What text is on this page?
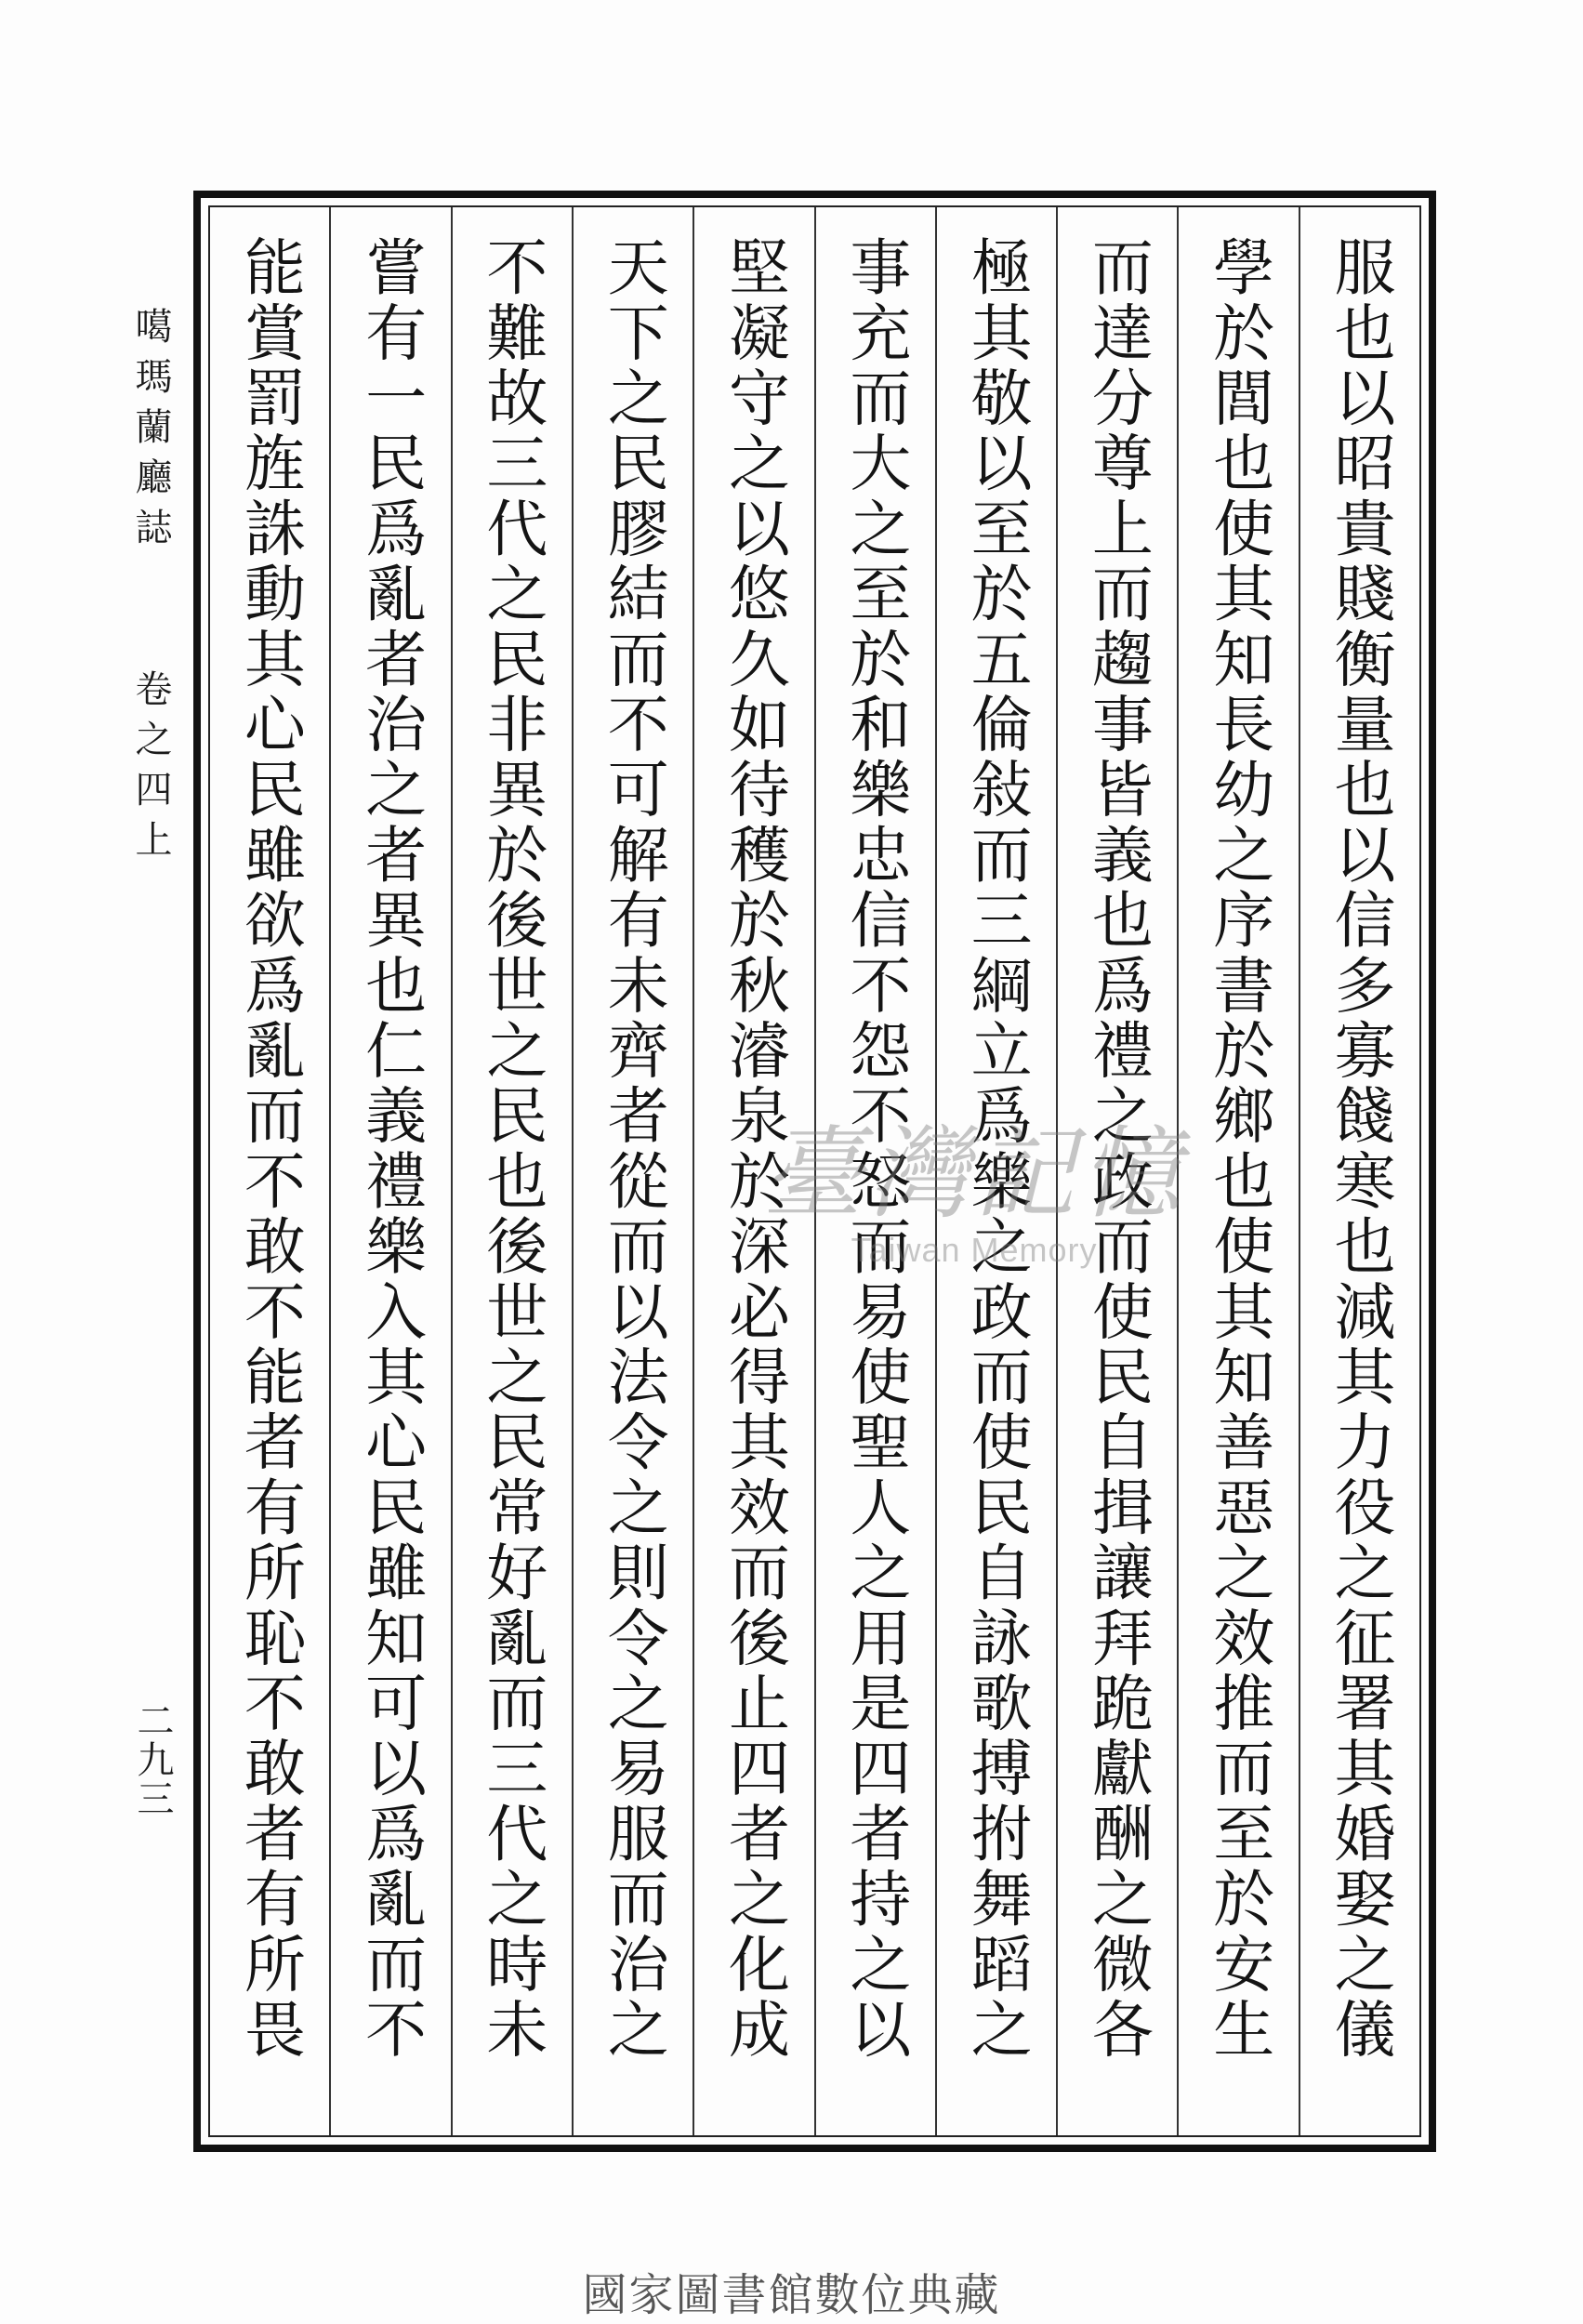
服也以昭貴賤衡量也以信多寡餞寒也減其力役之征署其婚娶之儀
學於閭也使其知長幼之序書於鄉也使其知善惡之效推而至於安生
而達分尊上而趨事皆義也爲禮之政而使民自揖讓拜跪獻酬之微各
極其敬以至於五倫敍而三綱立爲樂之政而使民自詠歌搏拊舞蹈之
事充而大之至於和樂忠信不怨不怒而易使聖人之用是四者持之以
堅凝守之以悠久如待穫於秋濬泉於深必得其效而後止四者之化成
天下之民膠結而不可解有未齊者從而以法令之則令之易服而治之
不難故三代之民非異於後世之民也後世之民常好亂而三代之時未
嘗有一民爲亂者治之者異也仁義禮樂入其心民雖知可以爲亂而不
能賞罰旌誅動其心民雖欲爲亂而不敢不能者有所恥不敢者有所畏
噶瑪蘭廳誌
卷之四上
二九三
臺灣記憶
Taiwan Memory
國家圖書館數位典藏
